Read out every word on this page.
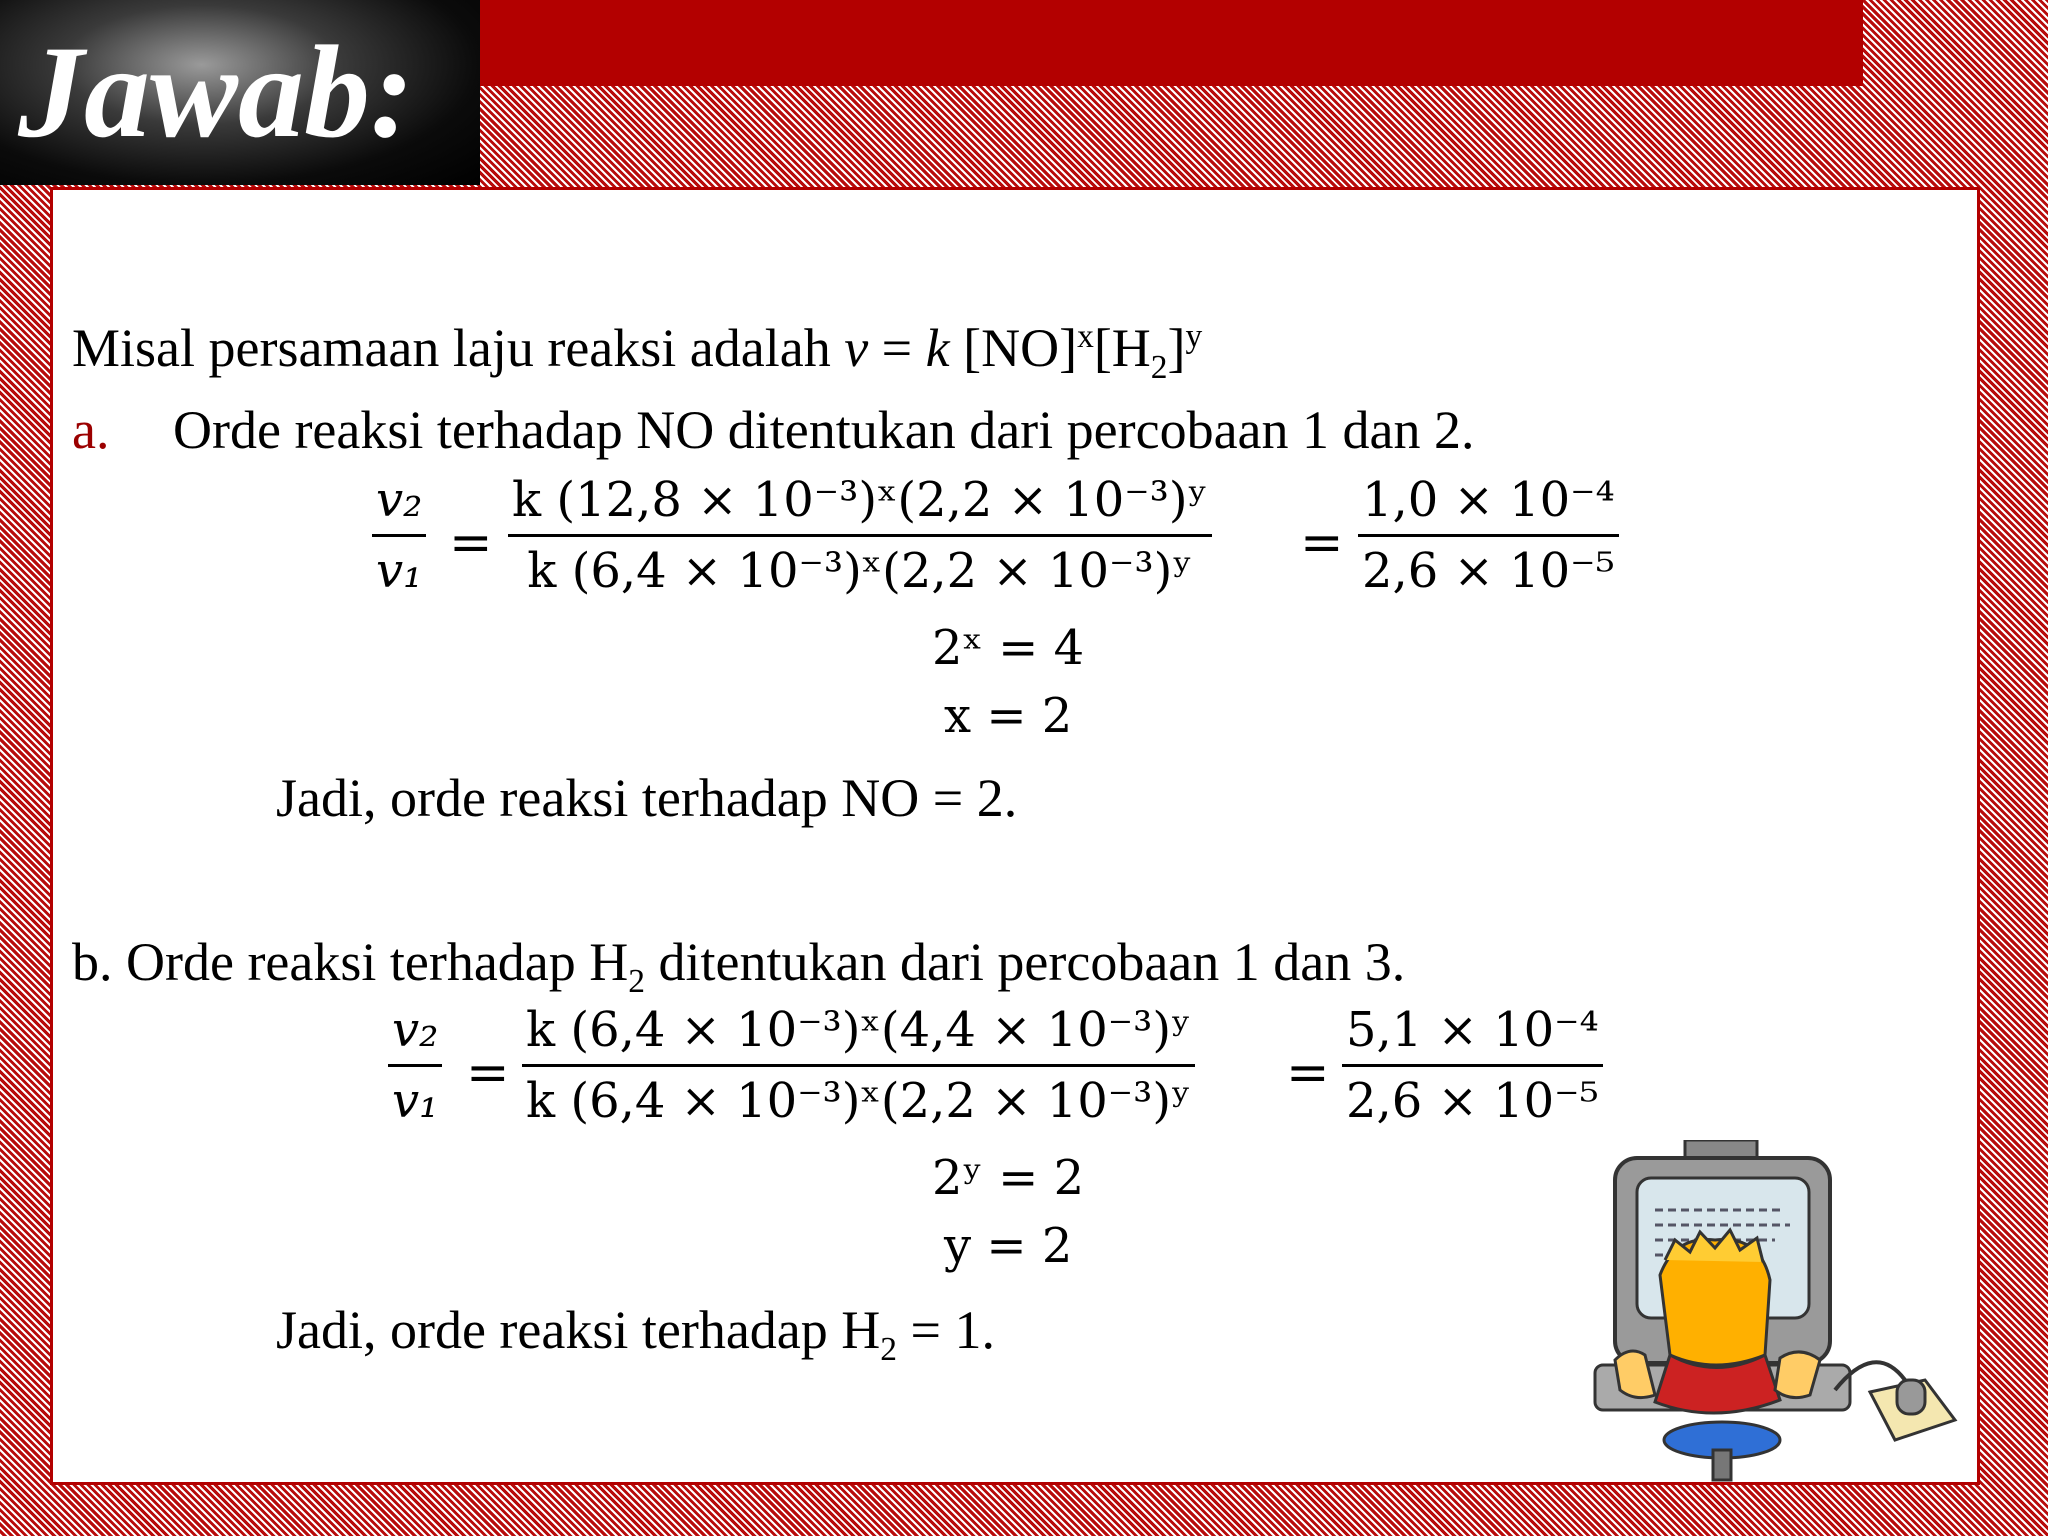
Jawab:
Misal persamaan laju reaksi adalah v = k $[NO]^x[H_2]^y$
a. Orde reaksi terhadap NO ditentukan dari percobaan 1 dan 2.
v₂
v₁ =
k (12,8 × 10⁻³)ˣ(2,2 × 10⁻³)ʸ
k (6,4 × 10⁻³)ˣ(2,2 × 10⁻³)ʸ =
1,0 × 10⁻⁴
2,6 × 10⁻⁵
2ˣ = 4
x = 2
Jadi, orde reaksi terhadap NO = 2.
b. Orde reaksi terhadap $H_2$ ditentukan dari percobaan 1 dan 3.
v₂
v₁ =
k (6,4 × 10⁻³)ˣ(4,4 × 10⁻³)ʸ
k (6,4 × 10⁻³)ˣ(2,2 × 10⁻³)ʸ =
5,1 × 10⁻⁴
2,6 × 10⁻⁵
2ʸ = 2
y = 2
Jadi, orde reaksi terhadap $H_2 = 1$.
